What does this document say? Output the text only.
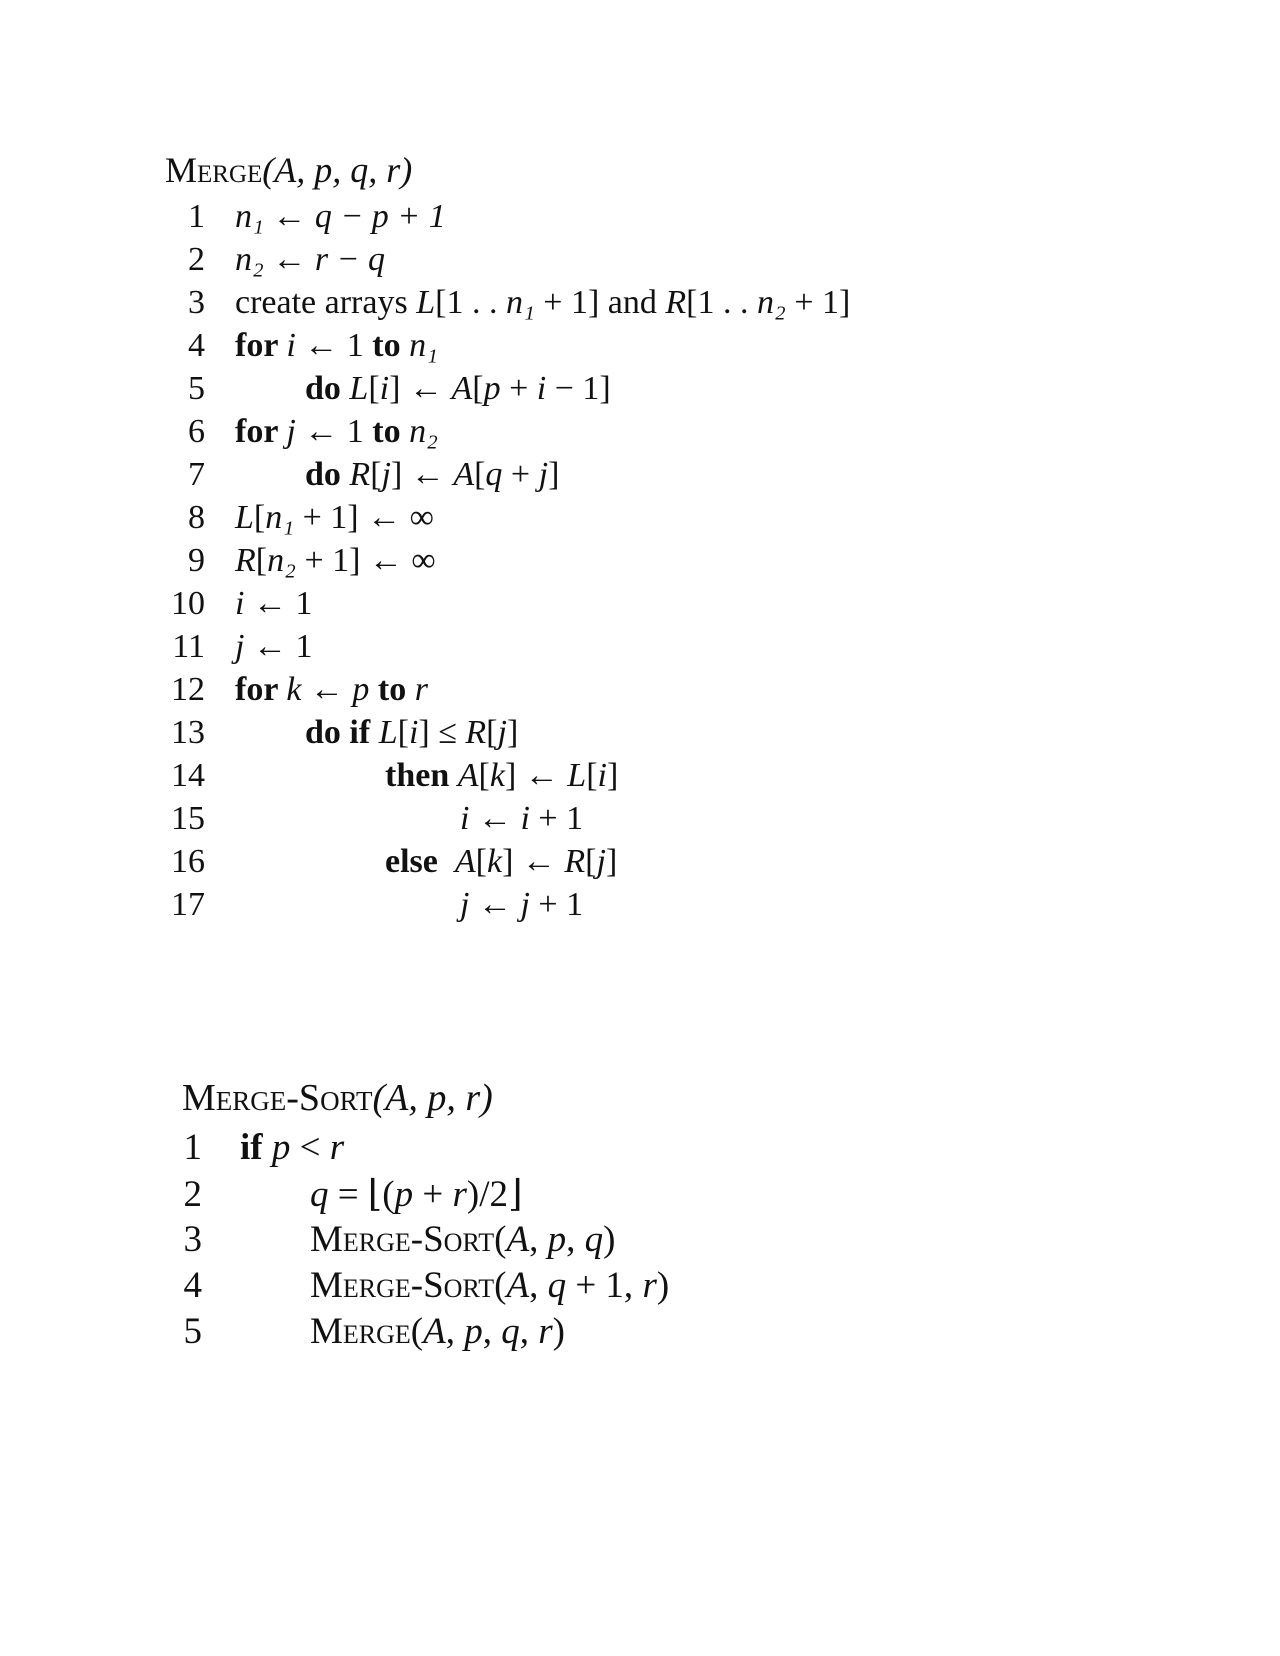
Merge(A, p, q, r)
1 n₁ ← q − p + 1
2 n₂ ← r − q
3 create arrays L[1 . . n₁ + 1] and R[1 . . n₂ + 1]
4 for i ← 1 to n₁
5	do L[i] ← A[p + i − 1]
6 for j ← 1 to n₂
7	do R[j] ← A[q + j]
8 L[n₁ + 1] ← ∞
9 R[n₂ + 1] ← ∞
10 i ← 1
11 j ← 1
12 for k ← p to r
13	do if L[i] ≤ R[j]
14	then A[k] ← L[i]
15	i ← i + 1
16	else  A[k] ← R[j]
17	j ← j + 1
Merge-Sort(A, p, r)
1 if p < r
2	q = ⌊(p + r)/2⌋
3	Merge-Sort(A, p, q)
4	Merge-Sort(A, q + 1, r)
5	Merge(A, p, q, r)
